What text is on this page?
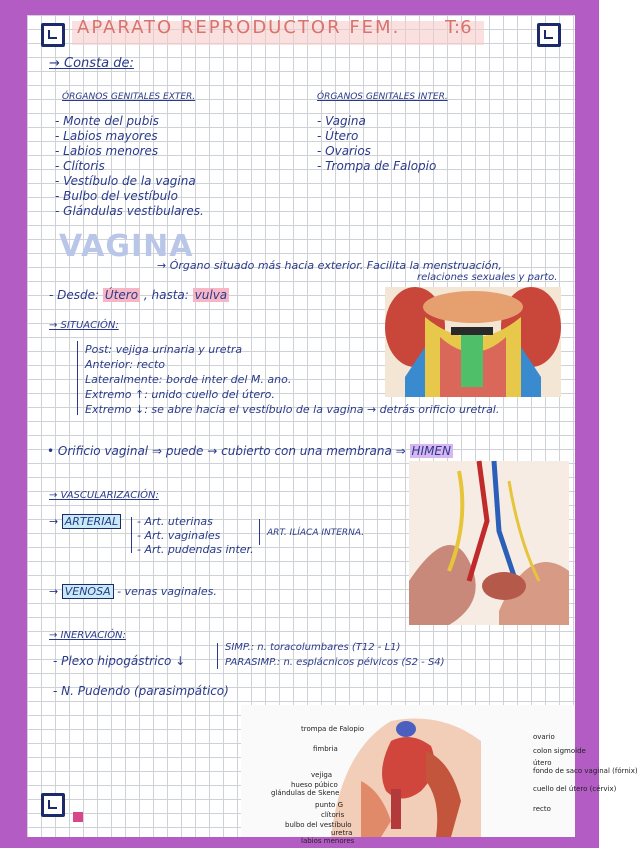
APARATO REPRODUCTOR FEM. T:6
→ Consta de:
ÓRGANOS GENITALES EXTER.
- Monte del pubis
- Labios mayores
- Labios menores
- Clítoris
- Vestíbulo de la vagina
- Bulbo del vestíbulo
- Glándulas vestibulares.
ÓRGANOS GENITALES INTER.
- Vagina
- Útero
- Ovarios
- Trompa de Falopio
VAGINA
→ Órgano situado más hacia exterior. Facilita la menstruación,
relaciones sexuales y parto.
- Desde: Útero , hasta: vulva
→ SITUACIÓN:
Post: vejiga urinaria y uretra
Anterior: recto
Lateralmente: borde inter del M. ano.
Extremo ↑: unido cuello del útero.
Extremo ↓: se abre hacia el vestíbulo de la vagina → detrás orificio uretral.
• Orificio vaginal ⇒ puede → cubierto con una membrana ⇒ HIMEN
→ VASCULARIZACIÓN:
→ ARTERIAL - Art. uterinas
- Art. vaginales
- Art. pudendas inter.
ART. ILÍACA INTERNA.
→ VENOSA - venas vaginales.
→ INERVACIÓN:
- Plexo hipogástrico ↓
SIMP.: n. toracolumbares (T12 - L1)
PARASIMP.: n. esplácnicos pélvicos (S2 - S4)
- N. Pudendo (parasimpático)
trompa de Falopio
fimbria
vejiga
hueso púbico
glándulas de Skene
punto G
clítoris
bulbo del vestíbulo
uretra
labios menores
ovario
colon sigmoide
útero
fondo de saco vaginal (fórnix)
cuello del útero (cérvix)
recto
